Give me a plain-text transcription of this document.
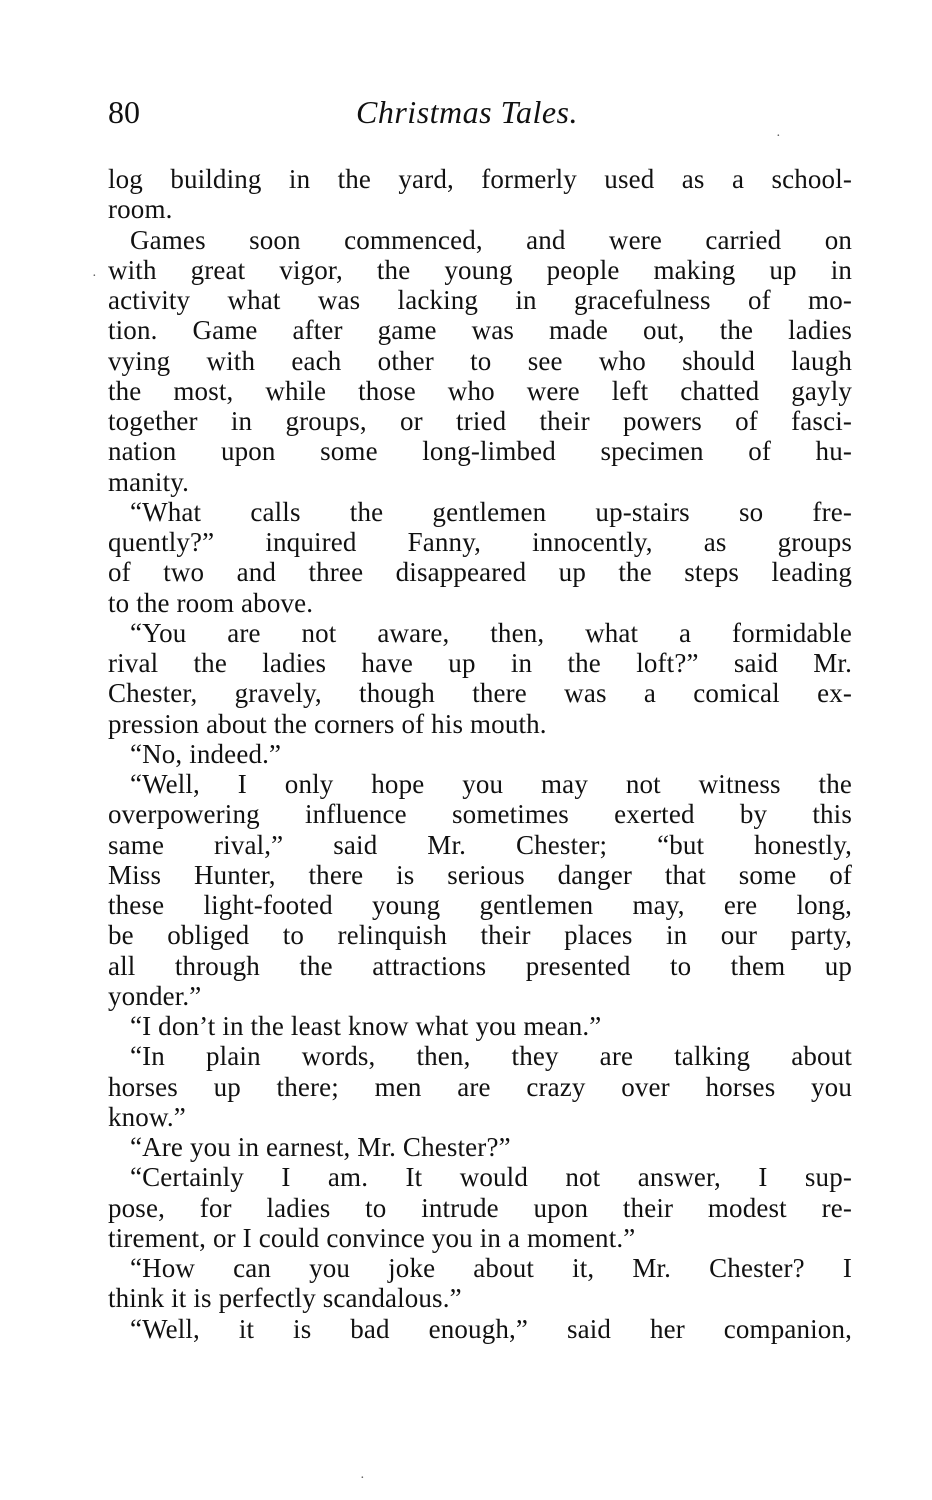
80	Christmas Tales.
log building in the yard, formerly used as a school-
room.
Games soon commenced, and were carried on
with great vigor, the young people making up in
activity what was lacking in gracefulness of mo-
tion. Game after game was made out, the ladies
vying with each other to see who should laugh
the most, while those who were left chatted gayly
together in groups, or tried their powers of fasci-
nation upon some long-limbed specimen of hu-
manity.
“What calls the gentlemen up-stairs so fre-
quently?” inquired Fanny, innocently, as groups
of two and three disappeared up the steps leading
to the room above.
“You are not aware, then, what a formidable
rival the ladies have up in the loft?” said Mr.
Chester, gravely, though there was a comical ex-
pression about the corners of his mouth.
“No, indeed.”
“Well, I only hope you may not witness the
overpowering influence sometimes exerted by this
same rival,” said Mr. Chester; “but honestly,
Miss Hunter, there is serious danger that some of
these light-footed young gentlemen may, ere long,
be obliged to relinquish their places in our party,
all through the attractions presented to them up
yonder.”
“I don’t in the least know what you mean.”
“In plain words, then, they are talking about
horses up there; men are crazy over horses you
know.”
“Are you in earnest, Mr. Chester?”
“Certainly I am. It would not answer, I sup-
pose, for ladies to intrude upon their modest re-
tirement, or I could convince you in a moment.”
“How can you joke about it, Mr. Chester? I
think it is perfectly scandalous.”
“Well, it is bad enough,” said her companion,
·
·
·
